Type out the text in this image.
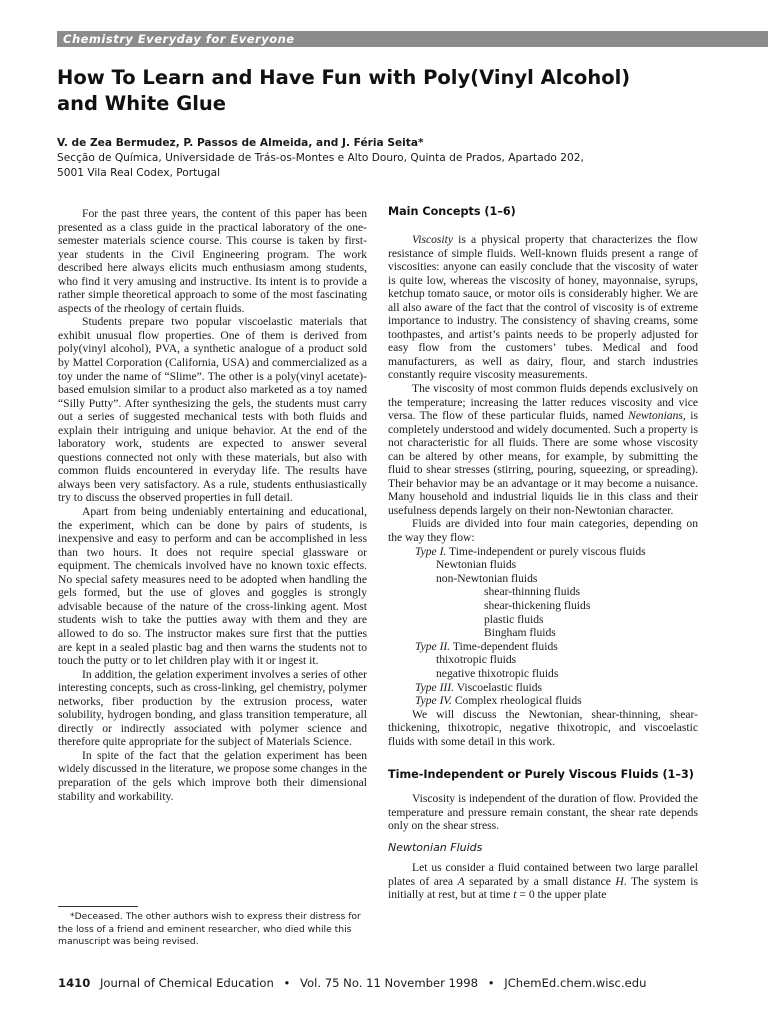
Chemistry Everyday for Everyone
How To Learn and Have Fun with Poly(Vinyl Alcohol)
and White Glue
V. de Zea Bermudez, P. Passos de Almeida, and J. Féria Seita*
Secção de Química, Universidade de Trás-os-Montes e Alto Douro, Quinta de Prados, Apartado 202,
5001 Vila Real Codex, Portugal

For the past three years, the content of this paper has been presented as a class guide in the practical laboratory of the one-semester materials science course. This course is taken by first-year students in the Civil Engineering program. The work described here always elicits much enthusiasm among students, who find it very amusing and instructive. Its intent is to provide a rather simple theoretical approach to some of the most fascinating aspects of the rheology of certain fluids.

Students prepare two popular viscoelastic materials that exhibit unusual flow properties. One of them is derived from poly(vinyl alcohol), PVA, a synthetic analogue of a product sold by Mattel Corporation (California, USA) and commercialized as a toy under the name of “Slime”. The other is a poly(vinyl acetate)-based emulsion similar to a product also marketed as a toy named “Silly Putty”. After synthesizing the gels, the students must carry out a series of suggested mechanical tests with both fluids and explain their intriguing and unique behavior. At the end of the laboratory work, students are expected to answer several questions connected not only with these materials, but also with common fluids encountered in everyday life. The results have always been very satisfactory. As a rule, students enthusiastically try to discuss the observed properties in full detail.

Apart from being undeniably entertaining and educational, the experiment, which can be done by pairs of students, is inexpensive and easy to perform and can be accomplished in less than two hours. It does not require special glassware or equipment. The chemicals involved have no known toxic effects. No special safety measures need to be adopted when handling the gels formed, but the use of gloves and goggles is strongly advisable because of the nature of the cross-linking agent. Most students wish to take the putties away with them and they are allowed to do so. The instructor makes sure first that the putties are kept in a sealed plastic bag and then warns the students not to touch the putty or to let children play with it or ingest it.

In addition, the gelation experiment involves a series of other interesting concepts, such as cross-linking, gel chemistry, polymer networks, fiber production by the extrusion process, water solubility, hydrogen bonding, and glass transition temperature, all directly or indirectly associated with polymer science and therefore quite appropriate for the subject of Materials Science.

In spite of the fact that the gelation experiment has been widely discussed in the literature, we propose some changes in the preparation of the gels which improve both their dimensional stability and workability.

*Deceased. The other authors wish to express their distress for the loss of a friend and eminent researcher, who died while this manuscript was being revised.
Main Concepts (1–6)

Viscosity is a physical property that characterizes the flow resistance of simple fluids. Well-known fluids present a range of viscosities: anyone can easily conclude that the viscosity of water is quite low, whereas the viscosity of honey, mayonnaise, syrups, ketchup tomato sauce, or motor oils is considerably higher. We are all also aware of the fact that the control of viscosity is of extreme importance to industry. The consistency of shaving creams, some toothpastes, and artist’s paints needs to be properly adjusted for easy flow from the customers’ tubes. Medical and food manufacturers, as well as dairy, flour, and starch industries constantly require viscosity measurements.

The viscosity of most common fluids depends exclusively on the temperature; increasing the latter reduces viscosity and vice versa. The flow of these particular fluids, named Newtonians, is completely understood and widely documented. Such a property is not characteristic for all fluids. There are some whose viscosity can be altered by other means, for example, by submitting the fluid to shear stresses (stirring, pouring, squeezing, or spreading). Their behavior may be an advantage or it may become a nuisance. Many household and industrial liquids lie in this class and their usefulness depends largely on their non-Newtonian character.

Fluids are divided into four main categories, depending on the way they flow:

Type I. Time-independent or purely viscous fluids
Newtonian fluids
non-Newtonian fluids
shear-thinning fluids
shear-thickening fluids
plastic fluids
Bingham fluids
Type II. Time-dependent fluids
thixotropic fluids
negative thixotropic fluids
Type III. Viscoelastic fluids
Type IV. Complex rheological fluids

We will discuss the Newtonian, shear-thinning, shear-thickening, thixotropic, negative thixotropic, and viscoelastic fluids with some detail in this work.

Time-Independent or Purely Viscous Fluids (1–3)

Viscosity is independent of the duration of flow. Provided the temperature and pressure remain constant, the shear rate depends only on the shear stress.

Newtonian Fluids

Let us consider a fluid contained between two large parallel plates of area A separated by a small distance H. The system is initially at rest, but at time t = 0 the upper plate

1410 Journal of Chemical Education • Vol. 75 No. 11 November 1998 • JChemEd.chem.wisc.edu
